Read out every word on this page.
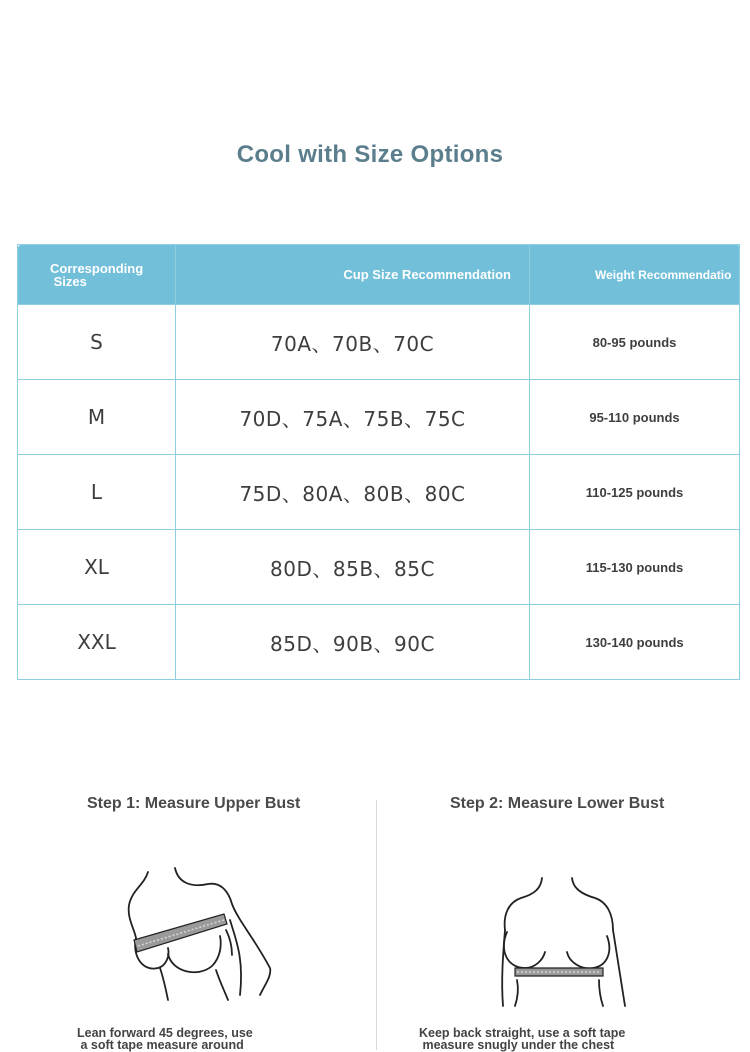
Cool with Size Options
Corresponding
Sizes	Cup Size Recommendation	Weight Recommendatio
S	70A、70B、70C	80-95 pounds
M	70D、75A、75B、75C	95-110 pounds
L	75D、80A、80B、80C	110-125 pounds
XL	80D、85B、85C	115-130 pounds
XXL	85D、90B、90C	130-140 pounds
Step 1: Measure Upper Bust	Step 2: Measure Lower Bust
Lean forward 45 degrees, use
a soft tape measure around
Keep back straight, use a soft tape
measure snugly under the chest
